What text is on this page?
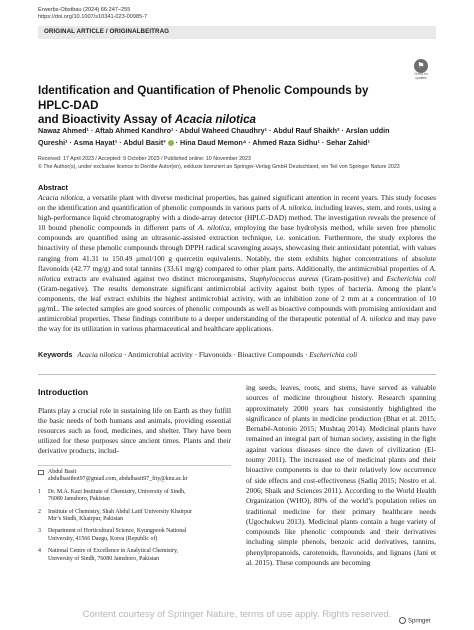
Erwerbs-Obstbau (2024) 66:247–255
https://doi.org/10.1007/s10341-023-00985-7
ORIGINAL ARTICLE / ORIGINALBEITRAG
⚑
Check for updates
Identification and Quantification of Phenolic Compounds by HPLC-DAD
and Bioactivity Assay of Acacia nilotica
Nawaz Ahmed¹ · Aftab Ahmed Kandhro¹ · Abdul Waheed Chaudhry¹ · Abdul Rauf Shaikh² · Arslan uddin
Qureshi¹ · Asma Hayat¹ · Abdul Basit³  · Hina Daud Memon⁴ · Ahmed Raza Sidhu¹ · Sehar Zahid¹
Received: 17 April 2023 / Accepted: 9 October 2023 / Published online: 10 November 2023
© The Author(s), under exclusive licence to Der/die Autor(en), exklusiv lizenziert an Springer-Verlag GmbH Deutschland, ein Teil von Springer Nature 2023
Abstract
Acacia nilotica, a versatile plant with diverse medicinal properties, has gained significant attention in recent years. This study focuses on the identification and quantification of phenolic compounds in various parts of A. nilotica, including leaves, stem, and roots, using a high-performance liquid chromatography with a diode-array detector (HPLC-DAD) method. The investigation reveals the presence of 10 bound phenolic compounds in different parts of A. nilotica, employing the base hydrolysis method, while seven free phenolic compounds are quantified using an ultrasonic-assisted extraction technique, i.e. sonication. Furthermore, the study explores the bioactivity of these phenolic compounds through DPPH radical scavenging assays, showcasing their antioxidant potential, with values ranging from 41.31 to 150.49 μmol/100 g quercetin equivalents. Notably, the stem exhibits higher concentrations of absolute flavonoids (42.77 mg/g) and total tannins (33.61 mg/g) compared to other plant parts. Additionally, the antimicrobial properties of A. nilotica extracts are evaluated against two distinct microorganisms, Staphylococcus aureus (Gram-positive) and Escherichia coli (Gram-negative). The results demonstrate significant antimicrobial activity against both types of bacteria. Among the plant’s components, the leaf extract exhibits the highest antimicrobial activity, with an inhibition zone of 2 mm at a concentration of 10 μg/mL. The selected samples are good sources of phenolic compounds as well as bioactive compounds with promising antioxidant and antimicrobial properties. These findings contribute to a deeper understanding of the therapeutic potential of A. nilotica and may pave the way for its utilization in various pharmaceutical and healthcare applications.
Keywords Acacia nilotica · Antimicrobial activity · Flavonoids · Bioactive Compounds · Escherichia coli
Introduction
Plants play a crucial role in sustaining life on Earth as they fulfill the basic needs of both humans and animals, providing essential resources such as food, medicines, and shelter. They have been utilized for these purposes since ancient times. Plants and their derivative products, includ-
ing seeds, leaves, roots, and stems, have served as valuable sources of medicine throughout history. Research spanning approximately 2000 years has consistently highlighted the significance of plants in medicine production (Bhat et al. 2015; Bernabé-Antonio 2015; Mushtaq 2014). Medicinal plants have remained an integral part of human society, assisting in the fight against various diseases since the dawn of civilization (El-toumy 2011). The increased use of medicinal plants and their bioactive components is due to their relatively low occurrence of side effects and cost-effectiveness (Sadiq 2015; Nostro et al. 2006; Shaik and Sciences 2011). According to the World Health Organization (WHO), 80% of the world’s population relies on traditional medicine for their primary healthcare needs (Ugochukwu 2013). Medicinal plants contain a huge variety of compounds like phenolic compounds and their derivatives including simple phenols, benzoic acid derivatives, tannins, phenylpropanoids, carotenoids, flavonoids, and lignans (Jani et al. 2015). These compounds are becoming
Abdul Basit
abdulbasitbot97@gmail.com, abdulbasit97_fity@knu.ac.kr
1 Dr. M.A. Kazi Institute of Chemistry, University of Sindh,
76080 Jamshoro, Pakistan
2 Institute of Chemistry, Shah Abdul Latif University Khairpur
Mir’s Sindh, Khairpur, Pakistan
3 Department of Horticultural Science, Kyungpook National
University, 41566 Daegu, Korea (Republic of)
4 National Centre of Excellence in Analytical Chemistry,
University of Sindh, 76080 Jamshoro, Pakistan
Springer
Content courtesy of Springer Nature, terms of use apply. Rights reserved.
